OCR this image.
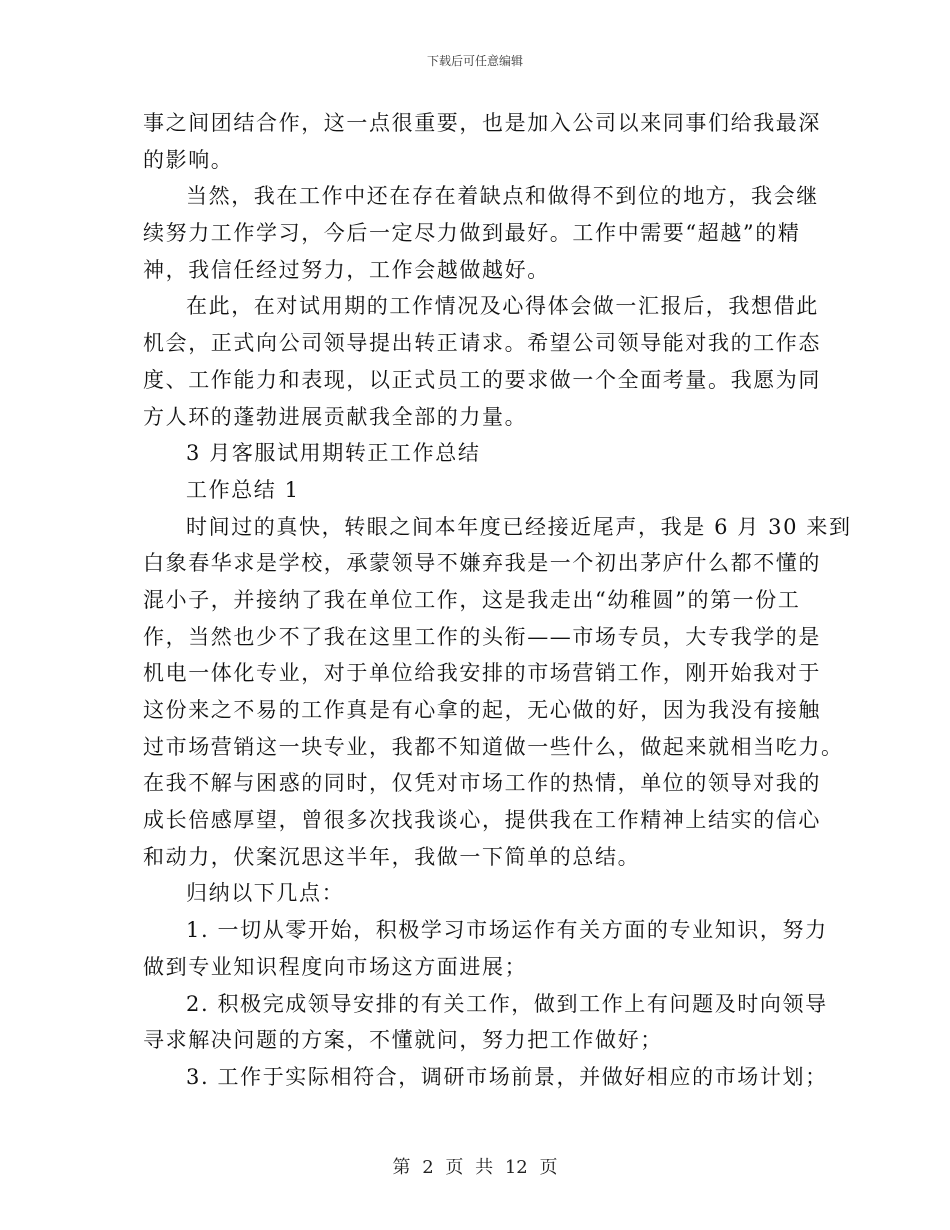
下载后可任意编辑
事之间团结合作，这一点很重要，也是加入公司以来同事们给我最深
的影响。
当然，我在工作中还在存在着缺点和做得不到位的地方，我会继
续努力工作学习，今后一定尽力做到最好。工作中需要“超越”的精
神，我信任经过努力，工作会越做越好。
在此，在对试用期的工作情况及心得体会做一汇报后，我想借此
机会，正式向公司领导提出转正请求。希望公司领导能对我的工作态
度、工作能力和表现，以正式员工的要求做一个全面考量。我愿为同
方人环的蓬勃进展贡献我全部的力量。
3 月客服试用期转正工作总结
工作总结 1
时间过的真快，转眼之间本年度已经接近尾声，我是 6 月 30 来到
白象春华求是学校，承蒙领导不嫌弃我是一个初出茅庐什么都不懂的
混小子，并接纳了我在单位工作，这是我走出“幼稚圆”的第一份工
作，当然也少不了我在这里工作的头衔——市场专员，大专我学的是
机电一体化专业，对于单位给我安排的市场营销工作，刚开始我对于
这份来之不易的工作真是有心拿的起，无心做的好，因为我没有接触
过市场营销这一块专业，我都不知道做一些什么，做起来就相当吃力。
在我不解与困惑的同时，仅凭对市场工作的热情，单位的领导对我的
成长倍感厚望，曾很多次找我谈心，提供我在工作精神上结实的信心
和动力，伏案沉思这半年，我做一下简单的总结。
归纳以下几点：
1. 一切从零开始，积极学习市场运作有关方面的专业知识，努力
做到专业知识程度向市场这方面进展；
2. 积极完成领导安排的有关工作，做到工作上有问题及时向领导
寻求解决问题的方案，不懂就问，努力把工作做好；
3. 工作于实际相符合，调研市场前景，并做好相应的市场计划；
第 2 页 共 12 页
